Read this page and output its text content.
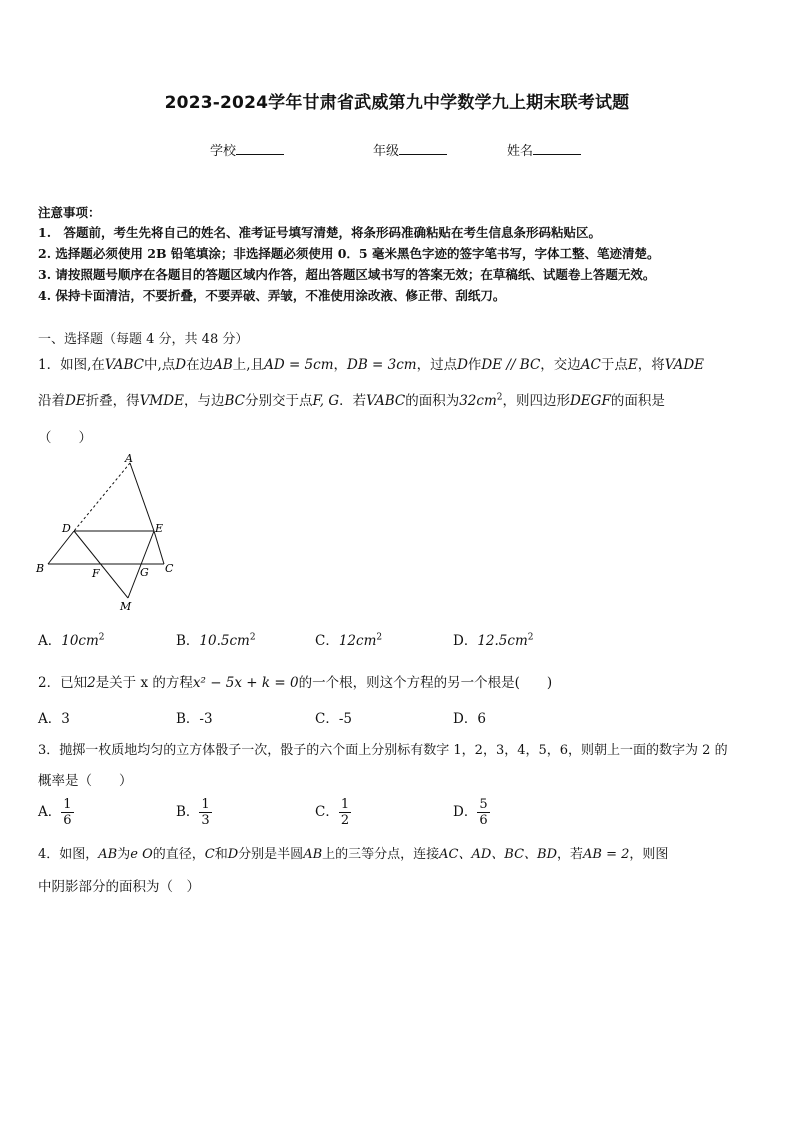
2023-2024学年甘肃省武威第九中学数学九上期末联考试题
学校	年级	姓名
注意事项：
1.　答题前，考生先将自己的姓名、准考证号填写清楚，将条形码准确粘贴在考生信息条形码粘贴区。
2. 选择题必须使用 2B 铅笔填涂；非选择题必须使用 0．5 毫米黑色字迹的签字笔书写，字体工整、笔迹清楚。
3. 请按照题号顺序在各题目的答题区域内作答，超出答题区域书写的答案无效；在草稿纸、试题卷上答题无效。
4. 保持卡面清洁，不要折叠，不要弄破、弄皱，不准使用涂改液、修正带、刮纸刀。
一、选择题（每题 4 分，共 48 分）
1．如图,在VABC中,点D在边AB上,且AD = 5cm，DB = 3cm，过点D作DE // BC，交边AC于点E，将VADE
沿着DE折叠，得VMDE，与边BC分别交于点F, G．若VABC的面积为$32cm^2$，则四边形DEGF的面积是
（　　）
A
D	E
B	F	G C
M
A．$10cm^2$	B．$10.5cm^2$	C．$12cm^2$	D．$12.5cm^2$
2．已知2是关于 x 的方程x² − 5x + k = 0的一个根，则这个方程的另一个根是(　　)
A．3	B．-3	C．-5	D．6
3．抛掷一枚质地均匀的立方体骰子一次，骰子的六个面上分别标有数字 1，2，3，4，5，6，则朝上一面的数字为 2 的
概率是（　　）
A． $\frac{1}{6}$	B． $\frac{1}{3}$	C． $\frac{1}{2}$	D． $\frac{5}{6}$
4．如图，AB为e O的直径，C和D分别是半圆AB上的三等分点，连接AC、AD、BC、BD，若AB = 2，则图
中阴影部分的面积为（　）
